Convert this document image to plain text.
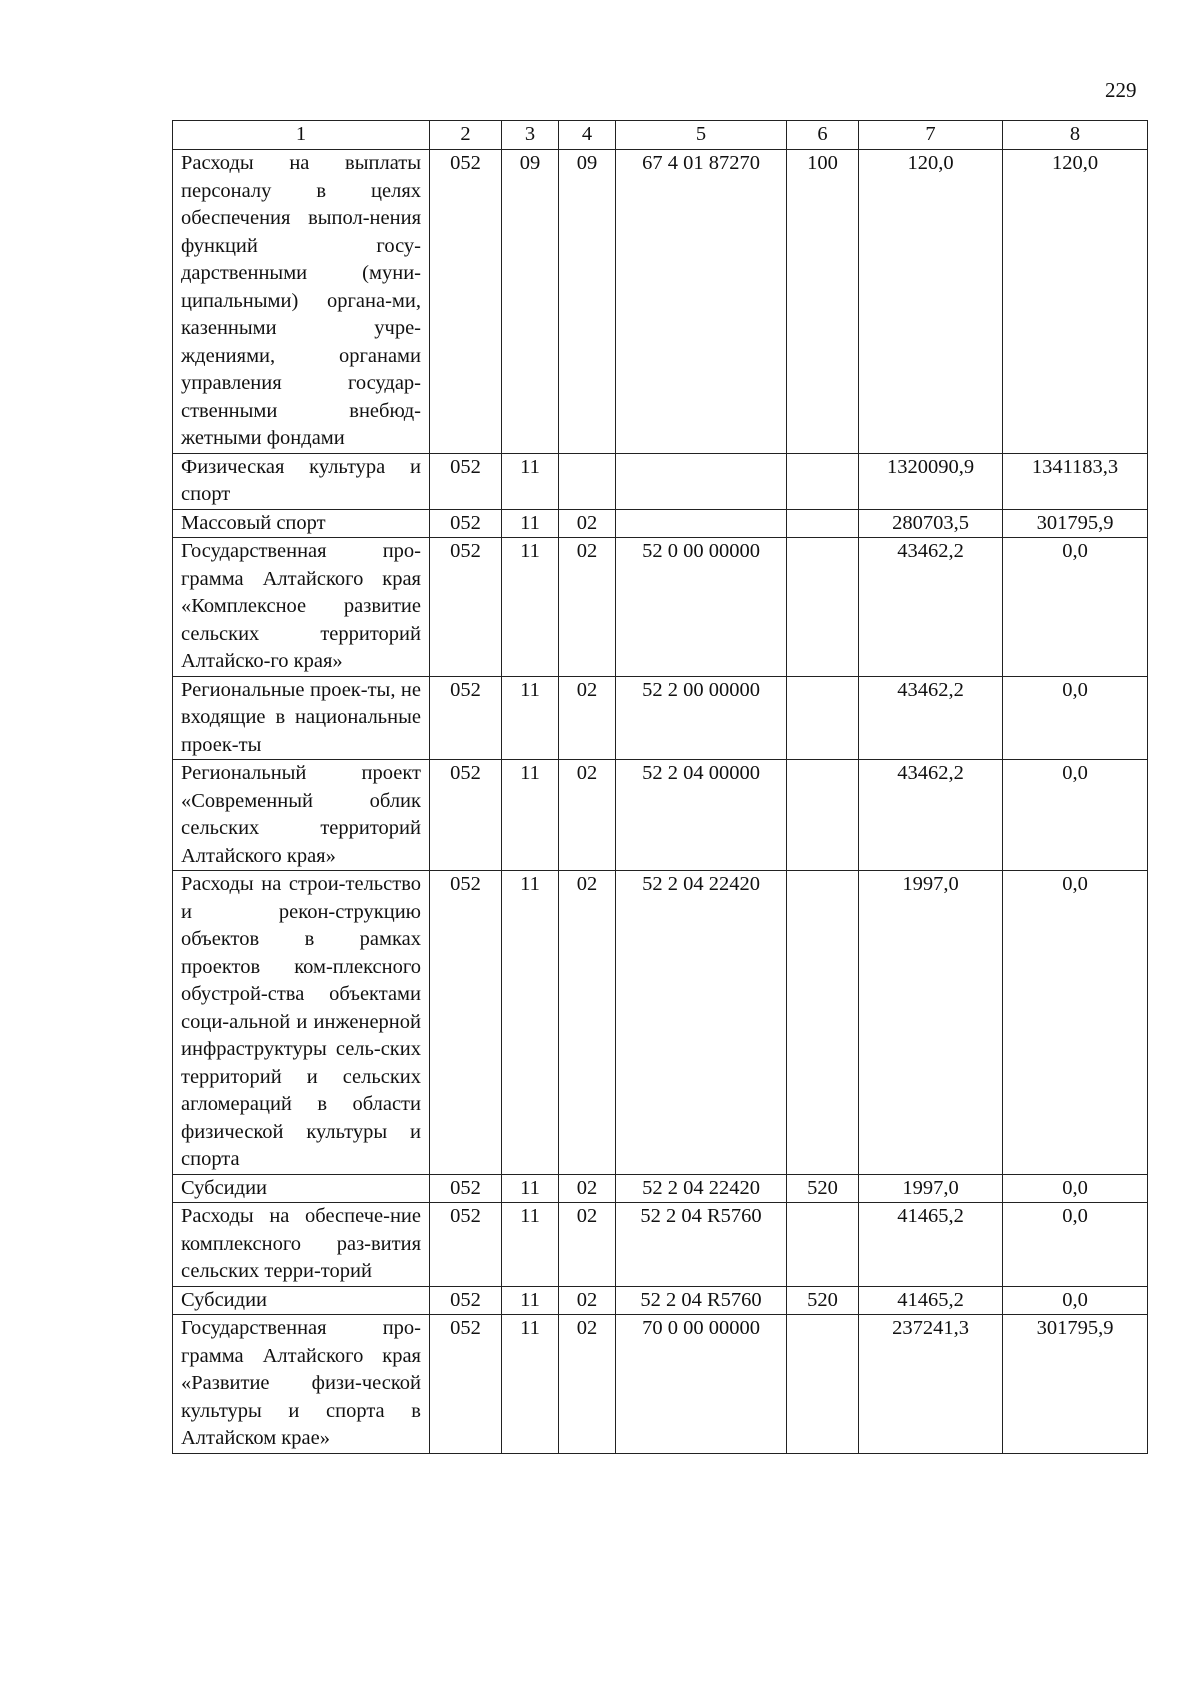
229
1	2	3	4	5	6	7	8
Расходы на выплаты персоналу в целях обеспечения выпол-нения функций госу-дарственными (муни-ципальными) органа-ми, казенными учре-ждениями, органами управления государ-ственными внебюд-жетными фондами	052	09	09	67 4 01 87270	100	120,0	120,0
Физическая культура и спорт	052	11				1320090,9	1341183,3
Массовый спорт	052	11	02			280703,5	301795,9
Государственная про-грамма Алтайского края «Комплексное развитие сельских территорий Алтайско-го края»	052	11	02	52 0 00 00000		43462,2	0,0
Региональные проек-ты, не входящие в национальные проек-ты	052	11	02	52 2 00 00000		43462,2	0,0
Региональный проект «Современный облик сельских территорий Алтайского края»	052	11	02	52 2 04 00000		43462,2	0,0
Расходы на строи-тельство и рекон-струкцию объектов в рамках проектов ком-плексного обустрой-ства объектами соци-альной и инженерной инфраструктуры сель-ских территорий и сельских агломераций в области физической культуры и спорта	052	11	02	52 2 04 22420		1997,0	0,0
Субсидии	052	11	02	52 2 04 22420	520	1997,0	0,0
Расходы на обеспече-ние комплексного раз-вития сельских терри-торий	052	11	02	52 2 04 R5760		41465,2	0,0
Субсидии	052	11	02	52 2 04 R5760	520	41465,2	0,0
Государственная про-грамма Алтайского края «Развитие физи-ческой культуры и спорта в Алтайском крае»	052	11	02	70 0 00 00000		237241,3	301795,9
